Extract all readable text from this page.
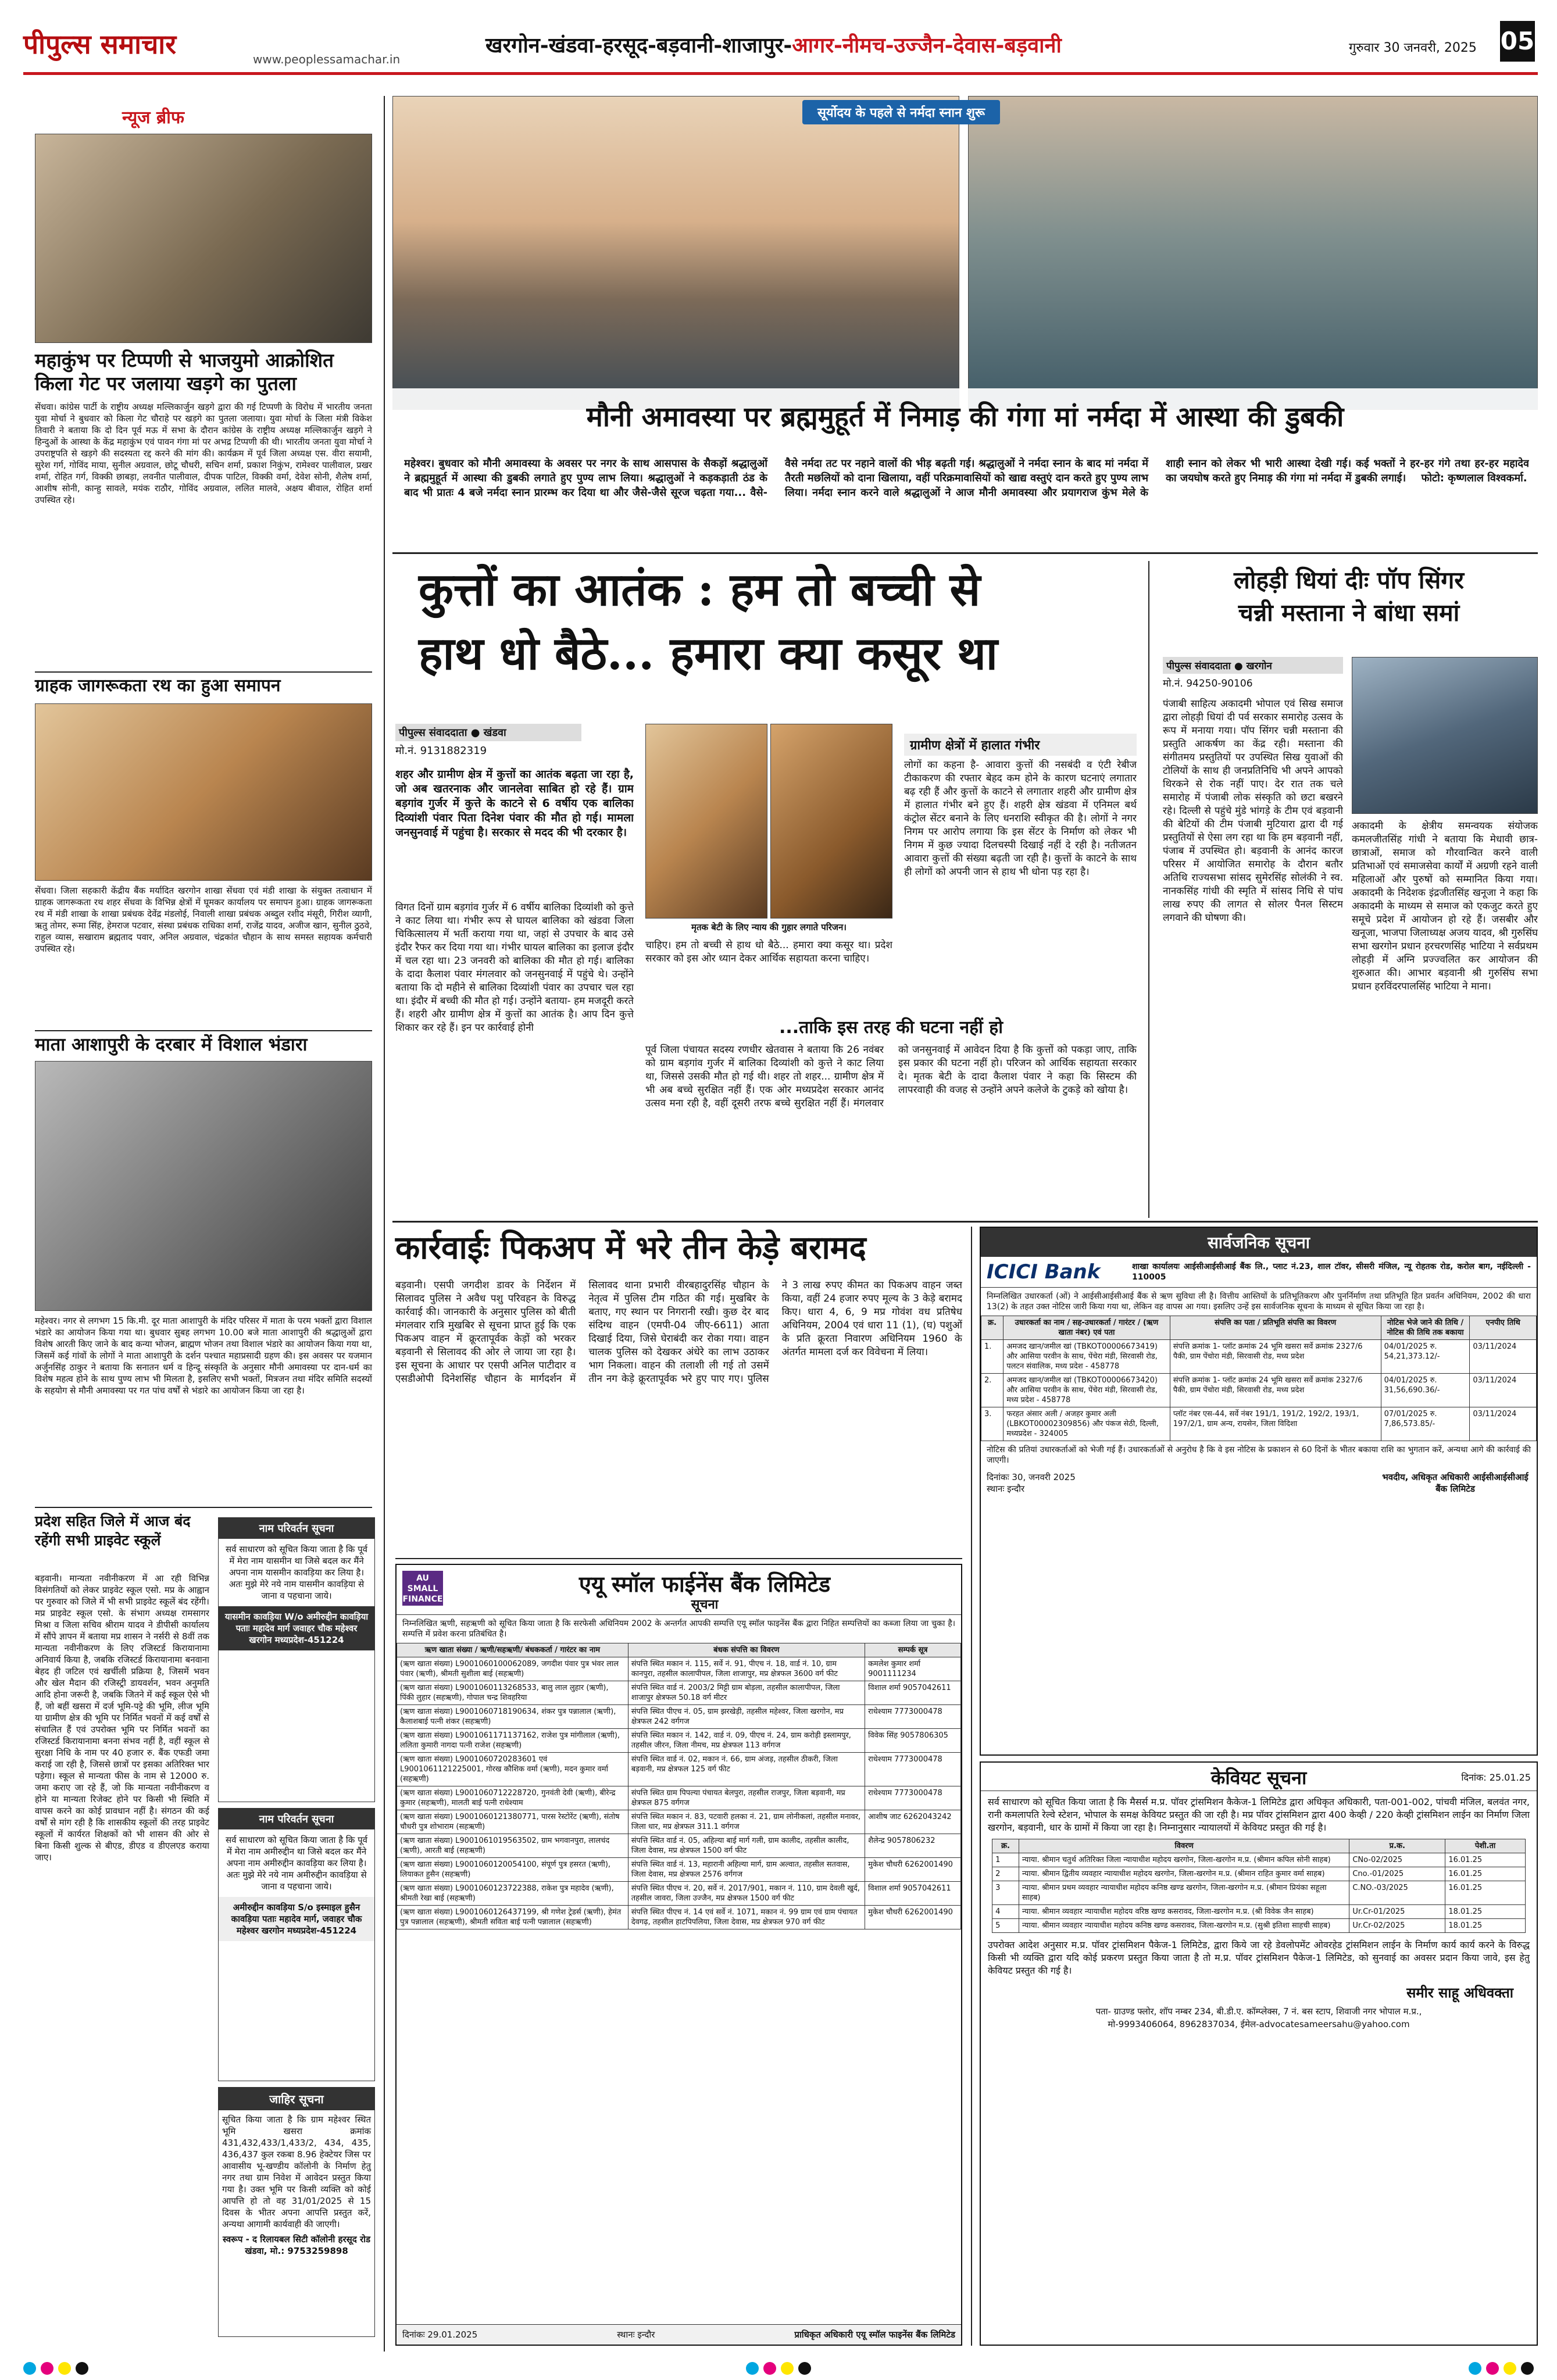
पीपुल्स समाचार	www.peoplessamachar.in
खरगोन-खंडवा-हरसूद-बड़वानी-शाजापुर-आगर-नीमच-उज्जैन-देवास-बड़वानी	गुरुवार 30 जनवरी, 2025 05
न्यूज ब्रीफ
महाकुंभ पर टिप्पणी से भाजयुमो आक्रोशित किला गेट पर जलाया खड़गे का पुतला
सेंधवा। कांग्रेस पार्टी के राष्ट्रीय अध्यक्ष मल्लिकार्जुन खड़गे द्वारा की गई टिप्पणी के विरोध में भारतीय जनता युवा मोर्चा ने बुधवार को किला गेट चौराहे पर खड़गे का पुतला जलाया। युवा मोर्चा के जिला मंत्री विकेश तिवारी ने बताया कि दो दिन पूर्व मऊ में सभा के दौरान कांग्रेस के राष्ट्रीय अध्यक्ष मल्लिकार्जुन खड़गे ने हिन्दुओं के आस्था के केंद्र महाकुंभ एवं पावन गंगा मां पर अभद्र टिप्पणी की थी। भारतीय जनता युवा मोर्चा ने उपराष्ट्रपति से खड़गे की सदस्यता रद्द करने की मांग की। कार्यक्रम में पूर्व जिला अध्यक्ष एस. वीरा सयामी, सुरेश गर्ग, गोविंद माया, सुनील अग्रवाल, छोटू चौधरी, सचिन शर्मा, प्रकाश निकुंभ, रामेश्वर पालीवाल, प्रखर शर्मा, रोहित गर्ग, विक्की छाबड़ा, लवनीत पालीवाल, दीपक पाटिल, विक्की वर्मा, देवेश सोनी, शैलेष शर्मा, आशीष सोनी, कान्हु सावले, मयंक राठौर, गोविंद अग्रवाल, ललित मालवे, अक्षय बीवाल, रोहित शर्मा उपस्थित रहे।
ग्राहक जागरूकता रथ का हुआ समापन
सेंधवा। जिला सहकारी केंद्रीय बैंक मर्यादित खरगोन शाखा सेंधवा एवं मंडी शाखा के संयुक्त तत्वाधान में ग्राहक जागरूकता रथ शहर सेंधवा के विभिन्न क्षेत्रों में घूमकर कार्यालय पर समापन हुआ। ग्राहक जागरूकता रथ में मंडी शाखा के शाखा प्रबंधक देवेंद्र मंडलोई, निवाली शाखा प्रबंधक अब्दुल रशीद मंसूरी, गिरीश व्यागी, ऋतु तोमर, रूमा सिंह, हेमराज पटवार, संस्था प्रबंधक राधिका शर्मा, राजेंद्र यादव, अजीज खान, सुनील ठुठवे, राहुल व्यास, सखाराम ब्रह्मताद पवार, अनिल अग्रवाल, चंद्रकांत चौहान के साथ समस्त सहायक कर्मचारी उपस्थित रहे।
माता आशापुरी के दरबार में विशाल भंडारा
महेश्वर। नगर से लगभग 15 कि.मी. दूर माता आशापुरी के मंदिर परिसर में माता के परम भक्तों द्वारा विशाल भंडारे का आयोजन किया गया था। बुधवार सुबह लगभग 10.00 बजे माता आशापुरी की श्रद्धालुओं द्वारा विशेष आरती किए जाने के बाद कन्या भोजन, ब्राह्मण भोजन तथा विशाल भंडारे का आयोजन किया गया था, जिसमें कई गांवों के लोगों ने माता आशापुरी के दर्शन पश्चात महाप्रसादी ग्रहण की। इस अवसर पर यजमान अर्जुनसिंह ठाकुर ने बताया कि सनातन धर्म व हिन्दू संस्कृति के अनुसार मौनी अमावस्या पर दान-धर्म का विशेष महत्व होने के साथ पुण्य लाभ भी मिलता है, इसलिए सभी भक्तों, मित्रजन तथा मंदिर समिति सदस्यों के सहयोग से मौनी अमावस्या पर गत पांच वर्षों से भंडारे का आयोजन किया जा रहा है।
प्रदेश सहित जिले में आज बंद रहेंगी सभी प्राइवेट स्कूलें
बड़वानी। मान्यता नवीनीकरण में आ रही विभिन्न विसंगतियों को लेकर प्राइवेट स्कूल एसो. मप्र के आह्वान पर गुरुवार को जिले में भी सभी प्राइवेट स्कूलें बंद रहेंगी। मप्र प्राइवेट स्कूल एसो. के संभाग अध्यक्ष रामसागर मिश्रा व जिला सचिव श्रीराम यादव ने डीपीसी कार्यालय में सौंपे ज्ञापन में बताया मप्र शासन ने नर्सरी से 8वीं तक मान्यता नवीनीकरण के लिए रजिस्टर्ड किरायानामा अनिवार्य किया है, जबकि रजिस्टर्ड किरायानामा बनवाना बेहद ही जटिल एवं खर्चीली प्रक्रिया है, जिसमें भवन और खेल मैदान की रजिस्ट्री डायवर्शन, भवन अनुमति आदि होना जरूरी है, जबकि जितने में कई स्कूल ऐसे भी हैं, जो बहीं खसरा में दर्ज भूमि-पट्टे की भूमि, लीज भूमि या ग्रामीण क्षेत्र की भूमि पर निर्मित भवनों में कई वर्षों से संचालित हैं एवं उपरोक्त भूमि पर निर्मित भवनों का रजिस्टर्ड किरायानामा बनना संभव नहीं है, वहीं स्कूल से सुरक्षा निधि के नाम पर 40 हजार रु. बैंक एफडी जमा कराई जा रही है, जिससे छात्रों पर इसका अतिरिक्त भार पड़ेगा। स्कूल से मान्यता फीस के नाम से 12000 रु. जमा कराए जा रहे हैं, जो कि मान्यता नवीनीकरण व होने या मान्यता रिजेक्ट होने पर किसी भी स्थिति में वापस करने का कोई प्रावधान नहीं है। संगठन की कई वर्षों से मांग रही है कि शासकीय स्कूलों की तरह प्राइवेट स्कूलों में कार्यरत शिक्षकों को भी शासन की ओर से बिना किसी शुल्क से बीएड, डीएड व डीएलएड कराया जाए।
नाम परिवर्तन सूचना
सर्व साधारण को सूचित किया जाता है कि पूर्व में मेरा नाम यासमीन था जिसे बदल कर मैंने अपना नाम यासमीन कावड़िया कर लिया है। अतः मुझे मेरे नये नाम यासमीन कावड़िया से जाना व पहचाना जाये।
यासमीन कावड़िया W/o अमीरुद्दीन कावड़िया पताः महादेव मार्ग जवाहर चौक महेश्वर खरगोन मध्यप्रदेश-451224
नाम परिवर्तन सूचना
सर्व साधारण को सूचित किया जाता है कि पूर्व में मेरा नाम अमीरुद्दीन था जिसे बदल कर मैंने अपना नाम अमीरुद्दीन कावड़िया कर लिया है। अतः मुझे मेरे नये नाम अमीरुद्दीन कावड़िया से जाना व पहचाना जाये।
अमीरुद्दीन कावड़िया S/o इस्माइल हुसैन कावड़िया पताः महादेव मार्ग, जवाहर चौक महेश्वर खरगोन मध्यप्रदेश-451224
जाहिर सूचना
सूचित किया जाता है कि ग्राम महेश्वर स्थित भूमि खसरा क्रमांक 431,432,433/1,433/2, 434, 435, 436,437 कुल रकबा 8.96 हेक्टेयर जिस पर आवासीय भू-खण्डीय कॉलोनी के निर्माण हेतु नगर तथा ग्राम निवेश में आवेदन प्रस्तुत किया गया है। उक्त भूमि पर किसी व्यक्ति को कोई आपत्ति हो तो वह 31/01/2025 से 15 दिवस के भीतर अपना आपत्ति प्रस्तुत करें, अन्यथा आगामी कार्यवाही की जाएगी।
स्वरूप - द रिलायबल सिटी कॉलोनी हरसूद रोड खंडवा, मो.: 9753259898
सूर्योदय के पहले से नर्मदा स्नान शुरू
मौनी अमावस्या पर ब्रह्ममुहूर्त में निमाड़ की गंगा मां नर्मदा में आस्था की डुबकी
महेश्वर। बुधवार को मौनी अमावस्या के अवसर पर नगर के साथ आसपास के सैकड़ों श्रद्धालुओं ने ब्रह्ममुहूर्त में आस्था की डुबकी लगाते हुए पुण्य लाभ लिया। श्रद्धालुओं ने कड़कड़ाती ठंड के बाद भी प्रातः 4 बजे नर्मदा स्नान प्रारम्भ कर दिया था और जैसे-जैसे सूरज चढ़ता गया... वैसे-वैसे नर्मदा तट पर नहाने वालों की भीड़ बढ़ती गई। श्रद्धालुओं ने नर्मदा स्नान के बाद मां नर्मदा में तैरती मछलियों को दाना खिलाया, वहीं परिक्रमावासियों को खाद्य वस्तुएं दान करते हुए पुण्य लाभ लिया। नर्मदा स्नान करने वाले श्रद्धालुओं ने आज मौनी अमावस्या और प्रयागराज कुंभ मेले के शाही स्नान को लेकर भी भारी आस्था देखी गई। कई भक्तों ने हर-हर गंगे तथा हर-हर महादेव का जयघोष करते हुए निमाड़ की गंगा मां नर्मदा में डुबकी लगाई। फोटो: कृष्णलाल विश्वकर्मा.
कुत्तों का आतंक : हम तो बच्ची से
हाथ धो बैठे... हमारा क्या कसूर था
पीपुल्स संवाददाता ● खंडवा
मो.नं. 9131882319
शहर और ग्रामीण क्षेत्र में कुत्तों का आतंक बढ़ता जा रहा है, जो अब खतरनाक और जानलेवा साबित हो रहे हैं। ग्राम बड़गांव गुर्जर में कुत्ते के काटने से 6 वर्षीय एक बालिका दिव्यांशी पंवार पिता दिनेश पंवार की मौत हो गई। मामला जनसुनवाई में पहुंचा है। सरकार से मदद की भी दरकार है।
विगत दिनों ग्राम बड़गांव गुर्जर में 6 वर्षीय बालिका दिव्यांशी को कुत्ते ने काट लिया था। गंभीर रूप से घायल बालिका को खंडवा जिला चिकित्सालय में भर्ती कराया गया था, जहां से उपचार के बाद उसे इंदौर रैफर कर दिया गया था। गंभीर घायल बालिका का इलाज इंदौर में चल रहा था। 23 जनवरी को बालिका की मौत हो गई। बालिका के दादा कैलाश पंवार मंगलवार को जनसुनवाई में पहुंचे थे। उन्होंने बताया कि दो महीने से बालिका दिव्यांशी पंवार का उपचार चल रहा था। इंदौर में बच्ची की मौत हो गई। उन्होंने बताया- हम मजदूरी करते हैं। शहरी और ग्रामीण क्षेत्र में कुत्तों का आतंक है। आप दिन कुत्ते शिकार कर रहे हैं। इन पर कार्रवाई होनी
मृतक बेटी के लिए न्याय की गुहार लगाते परिजन।
चाहिए। हम तो बच्ची से हाथ धो बैठे... हमारा क्या कसूर था। प्रदेश सरकार को इस ओर ध्यान देकर आर्थिक सहायता करना चाहिए।
ग्रामीण क्षेत्रों में हालात गंभीर
लोगों का कहना है- आवारा कुत्तों की नसबंदी व एंटी रेबीज टीकाकरण की रफ्तार बेहद कम होने के कारण घटनाएं लगातार बढ़ रही हैं और कुत्तों के काटने से लगातार शहरी और ग्रामीण क्षेत्र में हालात गंभीर बने हुए हैं। शहरी क्षेत्र खंडवा में एनिमल बर्थ कंट्रोल सेंटर बनाने के लिए धनराशि स्वीकृत की है। लोगों ने नगर निगम पर आरोप लगाया कि इस सेंटर के निर्माण को लेकर भी निगम में कुछ ज्यादा दिलचस्पी दिखाई नहीं दे रही है। नतीजतन आवारा कुत्तों की संख्या बढ़ती जा रही है। कुत्तों के काटने के साथ ही लोगों को अपनी जान से हाथ भी धोना पड़ रहा है।
...ताकि इस तरह की घटना नहीं हो
पूर्व जिला पंचायत सदस्य रणधीर खेतवास ने बताया कि 26 नवंबर को ग्राम बड़गांव गुर्जर में बालिका दिव्यांशी को कुत्ते ने काट लिया था, जिससे उसकी मौत हो गई थी। शहर तो शहर... ग्रामीण क्षेत्र में भी अब बच्चे सुरक्षित नहीं हैं। एक ओर मध्यप्रदेश सरकार आनंद उत्सव मना रही है, वहीं दूसरी तरफ बच्चे सुरक्षित नहीं हैं। मंगलवार को जनसुनवाई में आवेदन दिया है कि कुत्तों को पकड़ा जाए, ताकि इस प्रकार की घटना नहीं हो। परिजन को आर्थिक सहायता सरकार दे। मृतक बेटी के दादा कैलाश पंवार ने कहा कि सिस्टम की लापरवाही की वजह से उन्होंने अपने कलेजे के टुकड़े को खोया है।
लोहड़ी धियां दीः पॉप सिंगर
चन्नी मस्ताना ने बांधा समां
पीपुल्स संवाददाता ● खरगोन
मो.नं. 94250-90106
पंजाबी साहित्य अकादमी भोपाल एवं सिख समाज द्वारा लोहड़ी धियां दी पर्व सरकार समारोह उत्सव के रूप में मनाया गया। पॉप सिंगर चन्नी मस्ताना की प्रस्तुति आकर्षण का केंद्र रही। मस्ताना की संगीतमय प्रस्तुतियों पर उपस्थित सिख युवाओं की टोलियों के साथ ही जनप्रतिनिधि भी अपने आपको थिरकने से रोक नहीं पाए। देर रात तक चले समारोह में पंजाबी लोक संस्कृति को छटा बखरने रहे। दिल्ली से पहुंचे मुंडे भांगड़े के टीम एवं बड़वानी की बेटियों की टीम पंजाबी मुटियारा द्वारा दी गई प्रस्तुतियों से ऐसा लग रहा था कि हम बड़वानी नहीं, पंजाब में उपस्थित हो। बड़वानी के आनंद कारज परिसर में आयोजित समारोह के दौरान बतौर अतिथि राज्यसभा सांसद सुमेरसिंह सोलंकी ने स्व. नानकसिंह गांधी की स्मृति में सांसद निधि से पांच लाख रुपए की लागत से सोलर पैनल सिस्टम लगवाने की घोषणा की।
अकादमी के क्षेत्रीय समन्वयक संयोजक कमलजीतसिंह गांधी ने बताया कि मेधावी छात्र-छात्राओं, समाज को गौरवान्वित करने वाली प्रतिभाओं एवं समाजसेवा कार्यों में अग्रणी रहने वाली महिलाओं और पुरुषों को सम्मानित किया गया। अकादमी के निदेशक इंद्रजीतसिंह खनूजा ने कहा कि अकादमी के माध्यम से समाज को एकजुट करते हुए समूचे प्रदेश में आयोजन हो रहे हैं। जसबीर और खनूजा, भाजपा जिलाध्यक्ष अजय यादव, श्री गुरुसिंघ सभा खरगोन प्रधान हरचरणसिंह भाटिया ने सर्वप्रथम लोहड़ी में अग्नि प्रज्ज्वलित कर आयोजन की शुरुआत की। आभार बड़वानी श्री गुरुसिंघ सभा प्रधान हरविंदरपालसिंह भाटिया ने माना।
कार्रवाईः पिकअप में भरे तीन केड़े बरामद
बड़वानी। एसपी जगदीश डावर के निर्देशन में सिलावद पुलिस ने अवैध पशु परिवहन के विरुद्ध कार्रवाई की। जानकारी के अनुसार पुलिस को बीती मंगलवार रात्रि मुखबिर से सूचना प्राप्त हुई कि एक पिकअप वाहन में क्रूरतापूर्वक केड़ों को भरकर बड़वानी से सिलावद की ओर ले जाया जा रहा है। इस सूचना के आधार पर एसपी अनिल पाटीदार व एसडीओपी दिनेशसिंह चौहान के मार्गदर्शन में सिलावद थाना प्रभारी वीरबहादुरसिंह चौहान के नेतृत्व में पुलिस टीम गठित की गई। मुखबिर के बताए, गए स्थान पर निगरानी रखी। कुछ देर बाद संदिग्ध वाहन (एमपी-04 जीए-6611) आता दिखाई दिया, जिसे घेराबंदी कर रोका गया। वाहन चालक पुलिस को देखकर अंधेरे का लाभ उठाकर भाग निकला। वाहन की तलाशी ली गई तो उसमें तीन नग केड़े क्रूरतापूर्वक भरे हुए पाए गए। पुलिस ने 3 लाख रुपए कीमत का पिकअप वाहन जब्त किया, वहीं 24 हजार रुपए मूल्य के 3 केड़े बरामद किए। धारा 4, 6, 9 मप्र गोवंश वध प्रतिषेध अधिनियम, 2004 एवं धारा 11 (1), (घ) पशुओं के प्रति क्रूरता निवारण अधिनियम 1960 के अंतर्गत मामला दर्ज कर विवेचना में लिया।
AU SMALL FINANCE BANK
एयू स्मॉल फाईनेंस बैंक लिमिटेड
सूचना
निम्नलिखित ऋणी, सहऋणी को सूचित किया जाता है कि सरफेसी अधिनियम 2002 के अन्तर्गत आपकी सम्पत्ति एयू स्मॉल फाइनेंस बैंक द्वारा निहित सम्पत्तियों का कब्जा लिया जा चुका है। सम्पत्ति में प्रवेश करना प्रतिबंधित है।
ऋण खाता संख्या / ऋणी/सहऋणी/ बंधककर्ता / गारंटर का नाम	बंधक संपत्ति का विवरण	सम्पर्क सूत्र
(ऋण खाता संख्या) L9001060100062089, जगदीश पंवार पुत्र भंवर लाल पंवार (ऋणी), श्रीमती सुशीला बाई (सहऋणी)	संपत्ति स्थित मकान नं. 115, सर्वे नं. 91, पीएच नं. 18, वार्ड नं. 10, ग्राम कानपुरा, तहसील कालापीपल, जिला शाजापुर, मप्र क्षेत्रफल 3600 वर्ग फीट	कमलेश कुमार शर्मा 9001111234
(ऋण खाता संख्या) L9001060113268533, बालु लाल लुहार (ऋणी), पिंकी लुहार (सहऋणी), गोपाल चन्द्र शिवहरिया	संपत्ति स्थित वार्ड नं. 2003/2 मिट्टी ग्राम बोड़ला, तहसील कालापीपल, जिला शाजापुर क्षेत्रफल 50.18 वर्ग मीटर	विशाल शर्मा 9057042611
(ऋण खाता संख्या) L9001060718190634, शंकर पुत्र पन्नालाल (ऋणी), कैलाशबाई पत्नी शंकर (सहऋणी)	संपत्ति स्थित पीएच नं. 05, ग्राम झरखेड़ी, तहसील महेश्वर, जिला खरगोन, मप्र क्षेत्रफल 242 वर्गगज	राधेश्याम 7773000478
(ऋण खाता संख्या) L9001061171137162, राजेश पुत्र मांगीलाल (ऋणी), ललिता कुमारी नागदा पत्नी राजेश (सहऋणी)	संपत्ति स्थित मकान नं. 142, वार्ड नं. 09, पीएच नं. 24, ग्राम करोड़ी इस्लामपुर, तहसील जीरन, जिला नीमच, मप्र क्षेत्रफल 113 वर्गगज	विवेक सिंह 9057806305
(ऋण खाता संख्या) L9001060720283601 एवं L9001061121225001, गोरख कौशिक वर्मा (ऋणी), मदन कुमार वर्मा (सहऋणी)	संपत्ति स्थित वार्ड नं. 02, मकान नं. 66, ग्राम अंजड़, तहसील ठीकरी, जिला बड़वानी, मप्र क्षेत्रफल 125 वर्ग फीट	राधेश्याम 7773000478
(ऋण खाता संख्या) L9001060712228720, गुनवंती देवी (ऋणी), बीरेन्द्र कुमार (सहऋणी), मालती बाई पत्नी राधेश्याम	संपत्ति स्थित ग्राम पिपल्या पंचायत बेलपुरा, तहसील राजपुर, जिला बड़वानी, मप्र क्षेत्रफल 875 वर्गगज	राधेश्याम 7773000478
(ऋण खाता संख्या) L9001060121380771, पारस रेस्टोरेंट (ऋणी), संतोष चौधरी पुत्र शोभाराम (सहऋणी)	संपत्ति स्थित मकान नं. 83, पटवारी हलका नं. 21, ग्राम लोनीकलां, तहसील मनावर, जिला धार, मप्र क्षेत्रफल 311.1 वर्गगज	आशीष जाट 6262043242
(ऋण खाता संख्या) L9001061019563502, ग्राम भगवानपुरा, लालचंद (ऋणी), आरती बाई (सहऋणी)	संपत्ति स्थित वार्ड नं. 05, अहिल्या बाई मार्ग गली, ग्राम कालीद, तहसील कालीद, जिला देवास, मप्र क्षेत्रफल 1500 वर्ग फीट	शैलेन्द्र 9057806232
(ऋण खाता संख्या) L9001060120054100, संपूर्ण पुत्र हसरत (ऋणी), लियाकत हुसैन (सहऋणी)	संपत्ति स्थित वार्ड नं. 13, महारानी अहिल्या मार्ग, ग्राम अल्वात, तहसील सतवास, जिला देवास, मप्र क्षेत्रफल 2576 वर्गगज	मुकेश चौधरी 6262001490
(ऋण खाता संख्या) L9001060123722388, राकेश पुत्र महादेव (ऋणी), श्रीमती रेखा बाई (सहऋणी)	संपत्ति स्थित पीएच नं. 20, सर्वे नं. 2017/901, मकान नं. 110, ग्राम देवली खुर्द, तहसील जावरा, जिला उज्जैन, मप्र क्षेत्रफल 1500 वर्ग फीट	विशाल शर्मा 9057042611
(ऋण खाता संख्या) L9001060126437199, श्री गणेश ट्रेडर्स (ऋणी), हेमंत पुत्र पन्नालाल (सहऋणी), श्रीमती सविता बाई पत्नी पन्नालाल (सहऋणी)	संपत्ति स्थित पीएच नं. 14 एवं सर्वे नं. 1071, मकान नं. 99 ग्राम एवं ग्राम पंचायत देवगढ़, तहसील हाटपिपलिया, जिला देवास, मप्र क्षेत्रफल 970 वर्ग फीट	मुकेश चौधरी 6262001490
दिनांकः 29.01.2025	स्थानः इन्दौर	प्राधिकृत अधिकारी एयू स्मॉल फाइनेंस बैंक लिमिटेड
सार्वजनिक सूचना
ICICI Bank	शाखा कार्यालयः आईसीआईसीआई बैंक लि., प्लाट नं.23, शाल टॉवर, सीसरी मंजिल, न्यू रोहतक रोड, करोल बाग, नईदिल्ली - 110005
निम्नलिखित उधारकर्ता (ओं) ने आईसीआईसीआई बैंक से ऋण सुविधा ली है। वित्तीय आस्तियों के प्रतिभूतिकरण और पुनर्निर्माण तथा प्रतिभूति हित प्रवर्तन अधिनियम, 2002 की धारा 13(2) के तहत उक्त नोटिस जारी किया गया था, लेकिन वह वापस आ गया। इसलिए उन्हें इस सार्वजनिक सूचना के माध्यम से सूचित किया जा रहा है।
क्र.	उधारकर्ता का नाम / सह-उधारकर्ता / गारंटर / (ऋण खाता नंबर) एवं पता	संपत्ति का पता / प्रतिभूति संपत्ति का विवरण	नोटिस भेजे जाने की तिथि / नोटिस की तिथि तक बकाया	एनपीए तिथि
1.	अमजद खान/जमील खां (TBKOT00006673419) और आसिया परवीन के साथ, पेंचेरा मंडी, सिरवासी रोड, पलटन संवालिक, मध्य प्रदेश - 458778	संपत्ति क्रमांक 1- प्लॉट क्रमांक 24 भूमि खसरा सर्वे क्रमांक 2327/6 पैकी, ग्राम पेंचोरा मंडी, सिरवासी रोड, मध्य प्रदेश	04/01/2025 रु. 54,21,373.12/-	03/11/2024
2.	अमजद खान/जमील खां (TBKOT00006673420) और आसिया परवीन के साथ, पेंचेरा मंडी, सिरवासी रोड, मध्य प्रदेश - 458778	संपत्ति क्रमांक 1- प्लॉट क्रमांक 24 भूमि खसरा सर्वे क्रमांक 2327/6 पैकी, ग्राम पेंचोरा मंडी, सिरवासी रोड, मध्य प्रदेश	04/01/2025 रु. 31,56,690.36/-	03/11/2024
3.	फरहत अंसार अली / अजहर कुमार अली (LBKOT00002309856) और पंकज सेठी, दिल्ली, मध्यप्रदेश - 324005	प्लॉट नंबर एस-44, सर्वे नंबर 191/1, 191/2, 192/2, 193/1, 197/2/1, ग्राम अन्य, रायसेन, जिला विदिशा	07/01/2025 रु. 7,86,573.85/-	03/11/2024
नोटिस की प्रतियां उधारकर्ताओं को भेजी गई हैं। उधारकर्ताओं से अनुरोध है कि वे इस नोटिस के प्रकाशन से 60 दिनों के भीतर बकाया राशि का भुगतान करें, अन्यथा आगे की कार्रवाई की जाएगी।
दिनांकः 30, जनवरी 2025
स्थानः इन्दौर
भवदीय, अधिकृत अधिकारी आईसीआईसीआई बैंक लिमिटेड
केवियट सूचना	दिनांक: 25.01.25
सर्व साधारण को सूचित किया जाता है कि मैसर्स म.प्र. पॉवर ट्रांसमिशन कैकेज-1 लिमिटेड द्वारा अधिकृत अधिकारी, पता-001-002, पांचवी मंजिल, बलवंत नगर, रानी कमलापति रेल्वे स्टेशन, भोपाल के समक्ष केवियट प्रस्तुत की जा रही है। मप्र पॉवर ट्रांसमिशन द्वारा 400 केव्ही / 220 केव्ही ट्रांसमिशन लाईन का निर्माण जिला खरगोन, बड़वानी, धार के ग्रामों में किया जा रहा है। निम्नानुसार न्यायालयों में केवियट प्रस्तुत की गई है।
क्र.	विवरण	प्र.क.	पेशी.ता
1	न्याया. श्रीमान चतुर्थ अतिरिक्त जिला न्यायाधीश महोदय खरगोन, जिला-खरगोन म.प्र. (श्रीमान कपिल सोनी साहब)	CNo-02/2025	16.01.25
2	न्याया. श्रीमान द्वितीय व्यवहार न्यायाधीश महोदय खरगोन, जिला-खरगोन म.प्र. (श्रीमान राहित कुमार वर्मा साहब)	Cno.-01/2025	16.01.25
3	न्याया. श्रीमान प्रथम व्यवहार न्यायाधीश महोदय कनिष्ठ खण्ड खरगोन, जिला-खरगोन म.प्र. (श्रीमान प्रियंका सहूला साहब)	C.NO.-03/2025	16.01.25
4	न्याया. श्रीमान व्यवहार न्यायाधीश महोदय वरिष्ठ खण्ड कसरावद, जिला-खरगोन म.प्र. (श्री विवेक जैन साहब)	Ur.Cr-01/2025	18.01.25
5	न्याया. श्रीमान व्यवहार न्यायाधीश महोदय कनिष्ठ खण्ड कसरावद, जिला-खरगोन म.प्र. (सुश्री इतिशा साहची साहब)	Ur.Cr-02/2025	18.01.25
उपरोक्त आदेश अनुसार म.प्र. पॉवर ट्रांसमिशन पैकेज-1 लिमिटेड, द्वारा किये जा रहे डेवलोपमेंट ओवरहेड ट्रांसमिशन लाईन के निर्माण कार्य कार्य करने के विरुद्ध किसी भी व्यक्ति द्वारा यदि कोई प्रकरण प्रस्तुत किया जाता है तो म.प्र. पॉवर ट्रांसमिशन पैकेज-1 लिमिटेड, को सुनवाई का अवसर प्रदान किया जावे, इस हेतु केवियट प्रस्तुत की गई है।
समीर साहू अधिवक्ता
पता- ग्राउण्ड फ्लोर, शॉप नम्बर 234, बी.डी.ए. कॉम्प्लेक्स, 7 नं. बस स्टाप, शिवाजी नगर भोपाल म.प्र.,
मो-9993406064, 8962837034, ईमेल-advocatesameersahu@yahoo.com
